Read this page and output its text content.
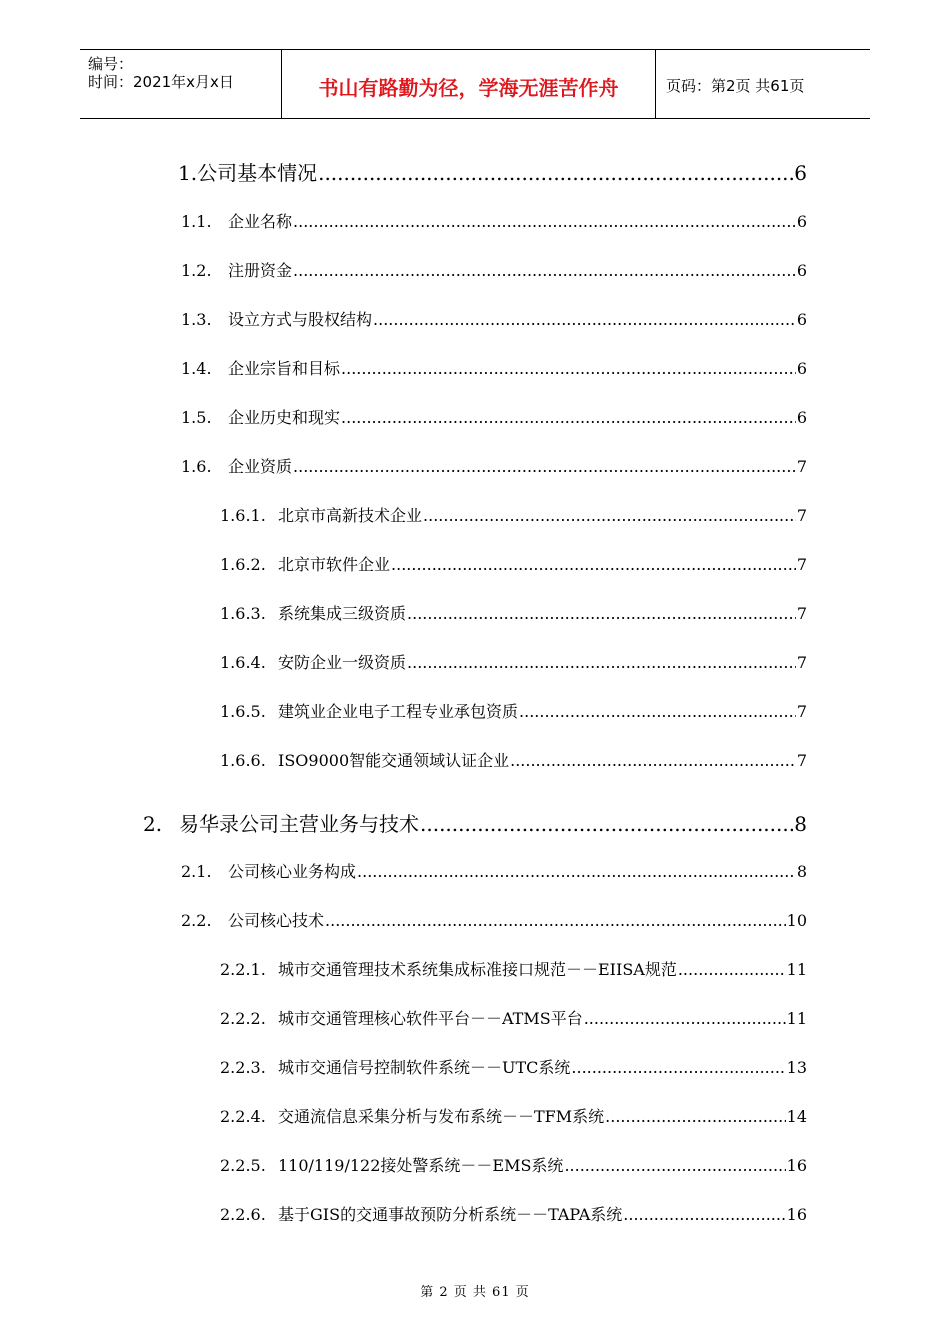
编号：
时间：2021年x月x日	书山有路勤为径，学海无涯苦作舟	页码：第2页 共61页
1. 公司基本情况 .....	6
1.1.	企业名称 .....	6
1.2.	注册资金 .....	6
1.3.	设立方式与股权结构 .....	6
1.4.	企业宗旨和目标 .....	6
1.5.	企业历史和现实 .....	6
1.6.	企业资质 .....	7
1.6.1. 北京市高新技术企业 .....	7
1.6.2. 北京市软件企业 .....	7
1.6.3. 系统集成三级资质 .....	7
1.6.4. 安防企业一级资质 .....	7
1.6.5. 建筑业企业电子工程专业承包资质 .....	7
1.6.6. ISO9000智能交通领域认证企业 .....	7
2. 易华录公司主营业务与技术 .....	8
2.1.	公司核心业务构成 .....	8
2.2.	公司核心技术 .....	10
2.2.1. 城市交通管理技术系统集成标准接口规范－－EIISA规范 .....	11
2.2.2. 城市交通管理核心软件平台－－ATMS平台 .....	11
2.2.3. 城市交通信号控制软件系统－－UTC系统 .....	13
2.2.4. 交通流信息采集分析与发布系统－－TFM系统 .....	14
2.2.5. 110/119/122接处警系统－－EMS系统 .....	16
2.2.6. 基于GIS的交通事故预防分析系统－－TAPA系统 .....	16
第 2 页 共 61 页
